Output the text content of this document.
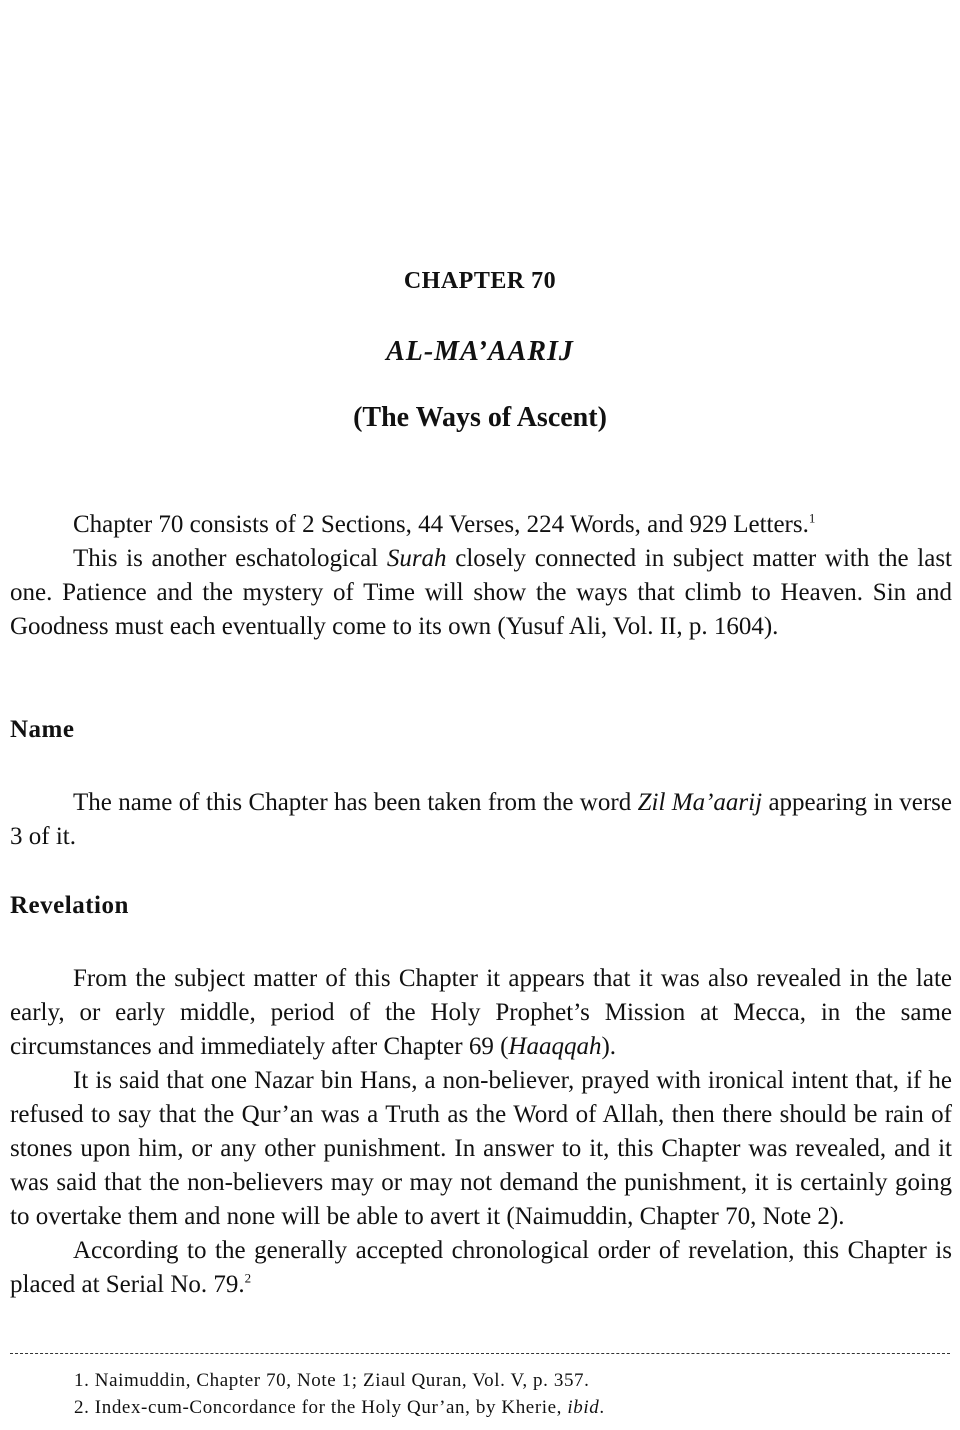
CHAPTER 70
AL-MA’AARIJ
(The Ways of Ascent)

Chapter 70 consists of 2 Sections, 44 Verses, 224 Words, and 929 Letters.$^1$

This is another eschatological Surah closely connected in subject matter with the last one. Patience and the mystery of Time will show the ways that climb to Heaven. Sin and Goodness must each eventually come to its own (Yusuf Ali, Vol. II, p. 1604).

Name

The name of this Chapter has been taken from the word Zil Ma’aarij appearing in verse 3 of it.

Revelation

From the subject matter of this Chapter it appears that it was also revealed in the late early, or early middle, period of the Holy Prophet’s Mission at Mecca, in the same circumstances and immediately after Chapter 69 (Haaqqah).

It is said that one Nazar bin Hans, a non-believer, prayed with ironical intent that, if he refused to say that the Qur’an was a Truth as the Word of Allah, then there should be rain of stones upon him, or any other punishment. In answer to it, this Chapter was revealed, and it was said that the non-believers may or may not demand the punishment, it is certainly going to overtake them and none will be able to avert it (Naimuddin, Chapter 70, Note 2).

According to the generally accepted chronological order of revelation, this Chapter is placed at Serial No. 79.$^2$

1. Naimuddin, Chapter 70, Note 1; Ziaul Quran, Vol. V, p. 357.
2. Index-cum-Concordance for the Holy Qur’an, by Kherie, ibid.
